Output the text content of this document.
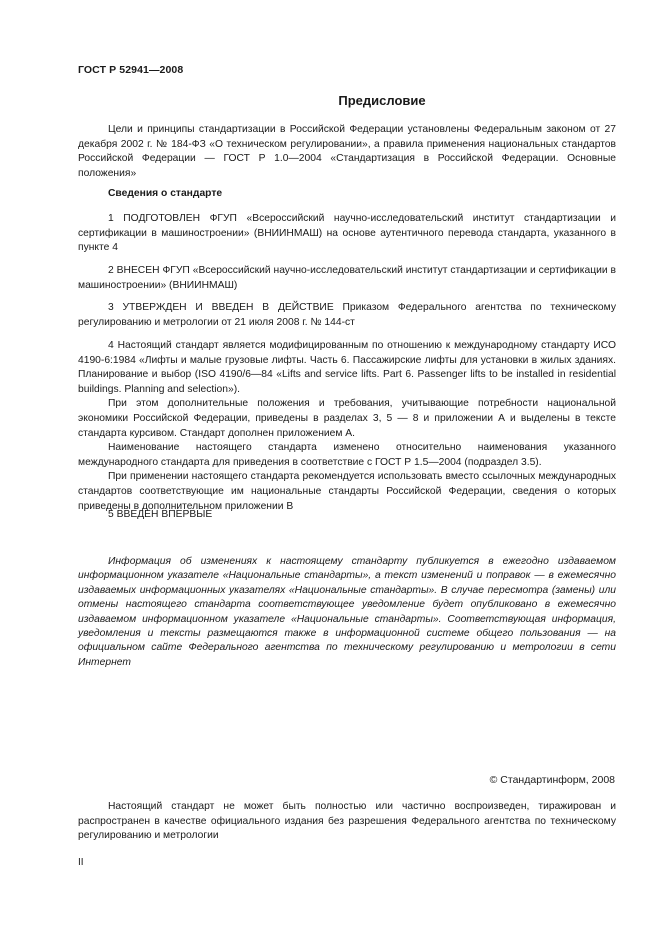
ГОСТ Р 52941—2008
Предисловие

Цели и принципы стандартизации в Российской Федерации установлены Федеральным законом от 27 декабря 2002 г. № 184-ФЗ «О техническом регулировании», а правила применения национальных стандартов Российской Федерации — ГОСТ Р 1.0—2004 «Стандартизация в Российской Федерации. Основные положения»

Сведения о стандарте

1 ПОДГОТОВЛЕН ФГУП «Всероссийский научно-исследовательский институт стандартизации и сертификации в машиностроении» (ВНИИНМАШ) на основе аутентичного перевода стандарта, указанного в пункте 4

2 ВНЕСЕН ФГУП «Всероссийский научно-исследовательский институт стандартизации и сертификации в машиностроении» (ВНИИНМАШ)

3 УТВЕРЖДЕН И ВВЕДЕН В ДЕЙСТВИЕ Приказом Федерального агентства по техническому регулированию и метрологии от 21 июля 2008 г. № 144-ст

4 Настоящий стандарт является модифицированным по отношению к международному стандарту ИСО 4190-6:1984 «Лифты и малые грузовые лифты. Часть 6. Пассажирские лифты для установки в жилых зданиях. Планирование и выбор (ISO 4190/6—84 «Lifts and service lifts. Part 6. Passenger lifts to be installed in residential buildings. Planning and selection»).

При этом дополнительные положения и требования, учитывающие потребности национальной экономики Российской Федерации, приведены в разделах 3, 5 — 8 и приложении А и выделены в тексте стандарта курсивом. Стандарт дополнен приложением А.

Наименование настоящего стандарта изменено относительно наименования указанного международного стандарта для приведения в соответствие с ГОСТ Р 1.5—2004 (подраздел 3.5).

При применении настоящего стандарта рекомендуется использовать вместо ссылочных международных стандартов соответствующие им национальные стандарты Российской Федерации, сведения о которых приведены в дополнительном приложении В

5 ВВЕДЕН ВПЕРВЫЕ

Информация об изменениях к настоящему стандарту публикуется в ежегодно издаваемом информационном указателе «Национальные стандарты», а текст изменений и поправок — в ежемесячно издаваемых информационных указателях «Национальные стандарты». В случае пересмотра (замены) или отмены настоящего стандарта соответствующее уведомление будет опубликовано в ежемесячно издаваемом информационном указателе «Национальные стандарты». Соответствующая информация, уведомления и тексты размещаются также в информационной системе общего пользования — на официальном сайте Федерального агентства по техническому регулированию и метрологии в сети Интернет

© Стандартинформ, 2008

Настоящий стандарт не может быть полностью или частично воспроизведен, тиражирован и распространен в качестве официального издания без разрешения Федерального агентства по техническому регулированию и метрологии

II
